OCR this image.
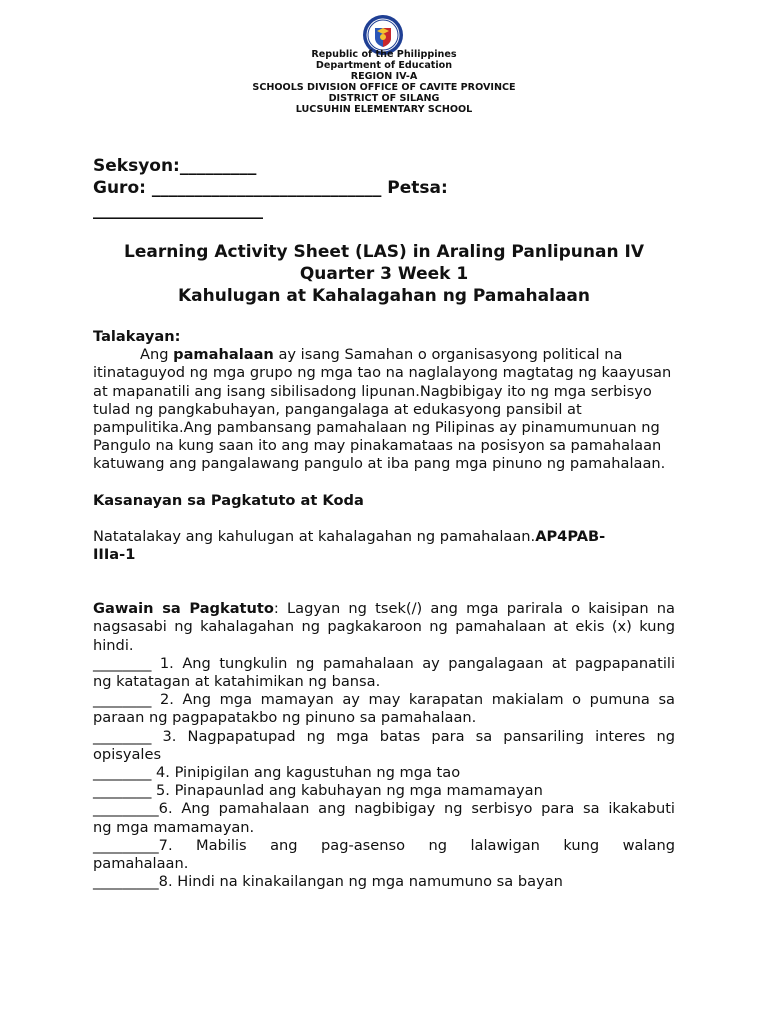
Republic of the Philippines
Department of Education
REGION IV-A
SCHOOLS DIVISION OFFICE OF CAVITE PROVINCE
DISTRICT OF SILANG
LUCSUHIN ELEMENTARY SCHOOL
Seksyon:_________
Guro: ___________________________ Petsa:
____________________
Learning Activity Sheet (LAS) in Araling Panlipunan IV
Quarter 3 Week 1
Kahulugan at Kahalagahan ng Pamahalaan
Talakayan:

Ang pamahalaan ay isang Samahan o organisasyong political na itinataguyod ng mga grupo ng mga tao na naglalayong magtatag ng kaayusan at mapanatili ang isang sibilisadong lipunan.Nagbibigay ito ng mga serbisyo tulad ng pangkabuhayan, pangangalaga at edukasyong pansibil at pampulitika.Ang pambansang pamahalaan ng Pilipinas ay pinamumunuan ng Pangulo na kung saan ito ang may pinakamataas na posisyon sa pamahalaan katuwang ang pangalawang pangulo at iba pang mga pinuno ng pamahalaan.

Kasanayan sa Pagkatuto at Koda
Natatalakay ang kahulugan at kahalagahan ng pamahalaan.AP4PAB-
IIIa-1

Gawain sa Pagkatuto: Lagyan ng tsek(/) ang mga parirala o kaisipan na nagsasabi ng kahalagahan ng pagkakaroon ng pamahalaan at ekis (x) kung hindi.

________ 1. Ang tungkulin ng pamahalaan ay pangalagaan at pagpapanatili
ng katatagan at katahimikan ng bansa.
________ 2. Ang mga mamayan ay may karapatan makialam o pumuna sa
paraan ng pagpapatakbo ng pinuno sa pamahalaan.
________ 3. Nagpapatupad ng mga batas para sa pansariling interes ng
opisyales
________ 4. Pinipigilan ang kagustuhan ng mga tao
________ 5. Pinapaunlad ang kabuhayan ng mga mamamayan
_________6. Ang pamahalaan ang nagbibigay ng serbisyo para sa ikakabuti
ng mga mamamayan.
_________7. Mabilis ang pag-asenso ng lalawigan kung walang
pamahalaan.
_________8. Hindi na kinakailangan ng mga namumuno sa bayan
